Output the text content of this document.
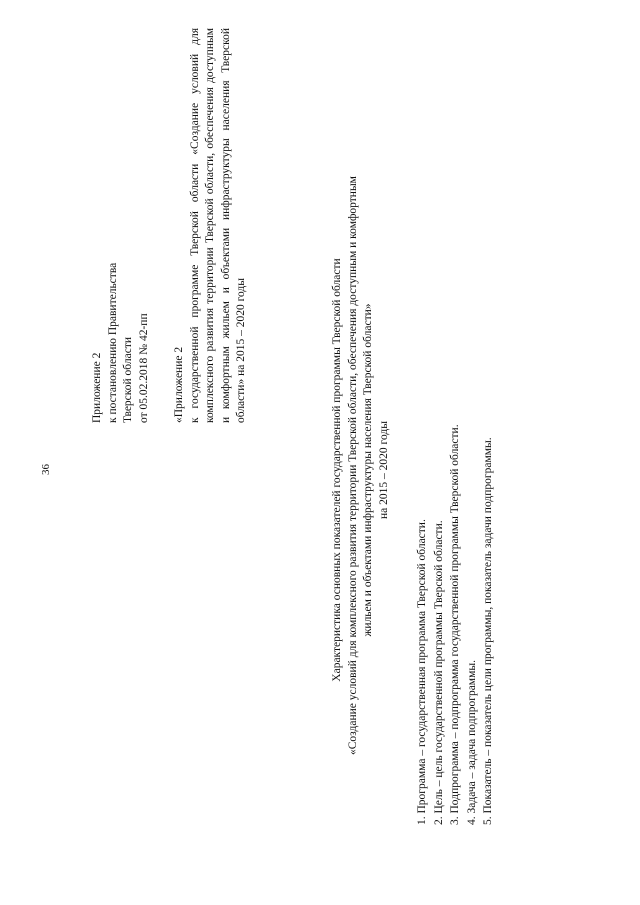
36
Приложение 2 к постановлению Правительства Тверской области от 05.02.2018 № 42-пп «Приложение 2 к государственной программе Тверской области «Создание условий для комплексного развития территории Тверской области, обеспечения доступным и комфортным жильем и объектами инфраструктуры населения Тверской области» на 2015 – 2020 годы	Характеристика основных показателей государственной программы Тверской области «Создание условий для комплексного развития территории Тверской области, обеспечения доступным и комфортным жильем и объектами инфраструктуры населения Тверской области» на 2015 – 2020 годы
1. Программа – государственная программа Тверской области. 2. Цель – цель государственной программы Тверской области. 3. Подпрограмма – подпрограмма государственной программы Тверской области. 4. Задача – задача подпрограммы. 5. Показатель – показатель цели программы, показатель задачи подпрограммы.
